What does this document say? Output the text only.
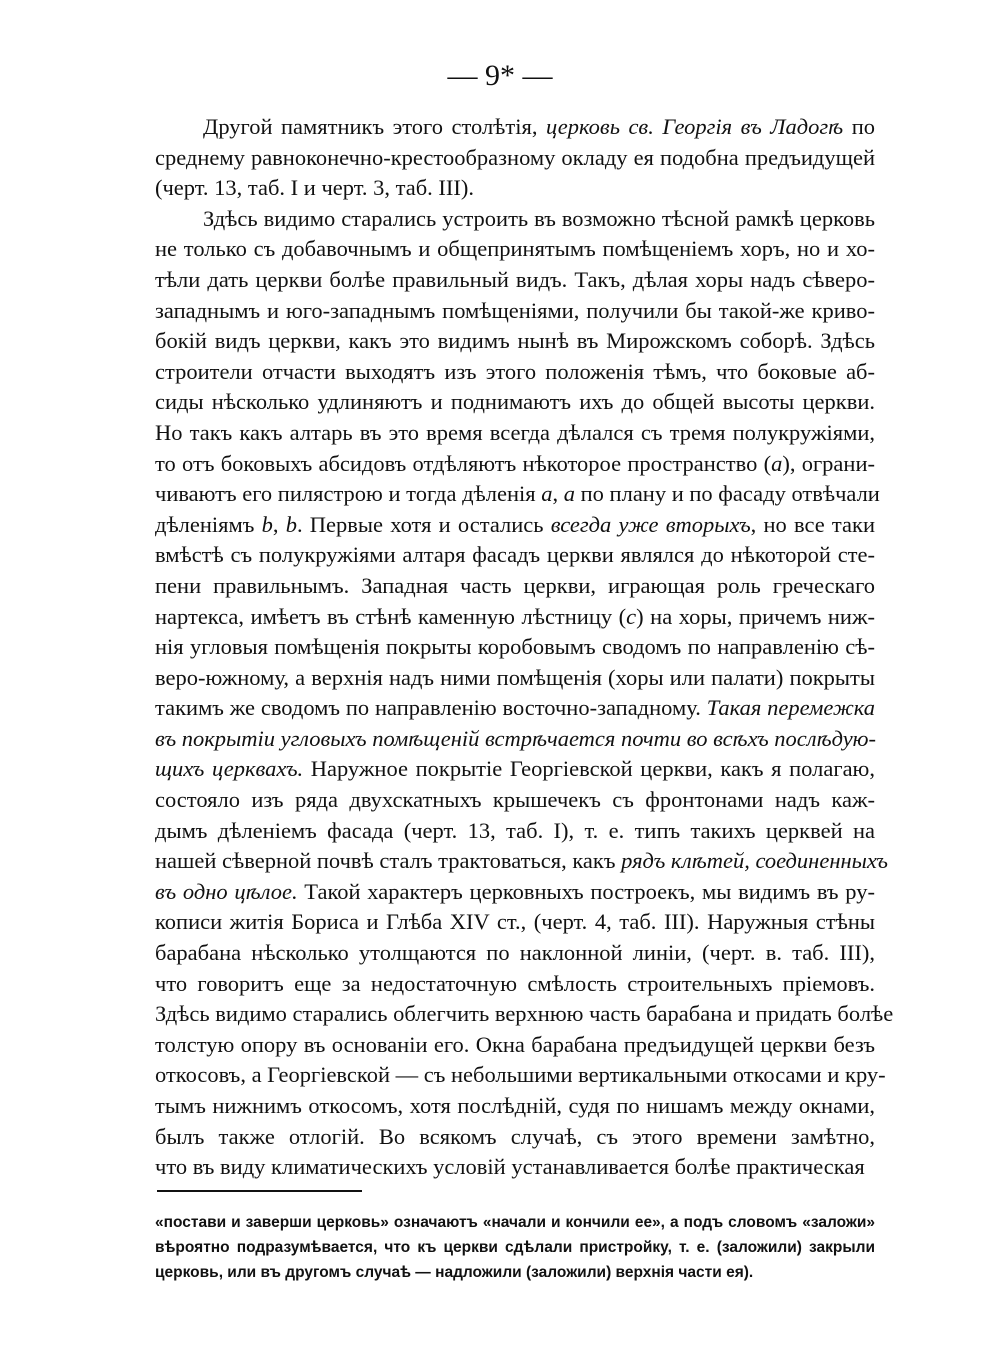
— 9* —
Другой памятникъ этого столѣтія, церковь св. Георгія въ Ладогѣ по
среднему равноконечно-крестообразному окладу ея подобна предъидущей
(черт. 13, таб. I и черт. 3, таб. III).
Здѣсь видимо старались устроить въ возможно тѣсной рамкѣ церковь
не только съ добавочнымъ и общепринятымъ помѣщеніемъ хоръ, но и хо-
тѣли дать церкви болѣе правильный видъ. Такъ, дѣлая хоры надъ сѣверо-
западнымъ и юго-западнымъ помѣщеніями, получили бы такой-же криво-
бокій видъ церкви, какъ это видимъ нынѣ въ Мирожскомъ соборѣ. Здѣсь
строители отчасти выходятъ изъ этого положенія тѣмъ, что боковые аб-
сиды нѣсколько удлиняютъ и поднимаютъ ихъ до общей высоты церкви.
Но такъ какъ алтарь въ это время всегда дѣлался съ тремя полукружіями,
то отъ боковыхъ абсидовъ отдѣляютъ нѣкоторое пространство (а), ограни-
чиваютъ его пилястрою и тогда дѣленія а, а по плану и по фасаду отвѣчали
дѣленіямъ b, b. Первые хотя и остались всегда уже вторыхъ, но все таки
вмѣстѣ съ полукружіями алтаря фасадъ церкви являлся до нѣкоторой сте-
пени правильнымъ. Западная часть церкви, играющая роль греческаго
нартекса, имѣетъ въ стѣнѣ каменную лѣстницу (с) на хоры, причемъ ниж-
нія угловыя помѣщенія покрыты коробовымъ сводомъ по направленію сѣ-
веро-южному, а верхнія надъ ними помѣщенія (хоры или палати) покрыты
такимъ же сводомъ по направленію восточно-западному. Такая перемежка
въ покрытіи угловыхъ помѣщеній встрѣчается почти во всѣхъ послѣдую-
щихъ церквахъ. Наружное покрытіе Георгіевской церкви, какъ я полагаю,
состояло изъ ряда двухскатныхъ крышечекъ съ фронтонами надъ каж-
дымъ дѣленіемъ фасада (черт. 13, таб. I), т. е. типъ такихъ церквей на
нашей сѣверной почвѣ сталъ трактоваться, какъ рядъ клѣтей, соединенныхъ
въ одно цѣлое. Такой характеръ церковныхъ построекъ, мы видимъ въ ру-
кописи житія Бориса и Глѣба XIV ст., (черт. 4, таб. III). Наружныя стѣны
барабана нѣсколько утолщаются по наклонной линіи, (черт. в. таб. III),
что говоритъ еще за недостаточную смѣлость строительныхъ пріемовъ.
Здѣсь видимо старались облегчить верхнюю часть барабана и придать болѣе
толстую опору въ основаніи его. Окна барабана предъидущей церкви безъ
откосовъ, а Георгіевской — съ небольшими вертикальными откосами и кру-
тымъ нижнимъ откосомъ, хотя послѣдній, судя по нишамъ между окнами,
былъ также отлогій. Во всякомъ случаѣ, съ этого времени замѣтно,
что въ виду климатическихъ условій устанавливается болѣе практическая
«постави и заверши церковь» означаютъ «начали и кончили ее», а подъ словомъ «заложи»
вѣроятно подразумѣвается, что къ церкви сдѣлали пристройку, т. е. (заложили) закрыли
церковь, или въ другомъ случаѣ — надложили (заложили) верхнія части ея).
